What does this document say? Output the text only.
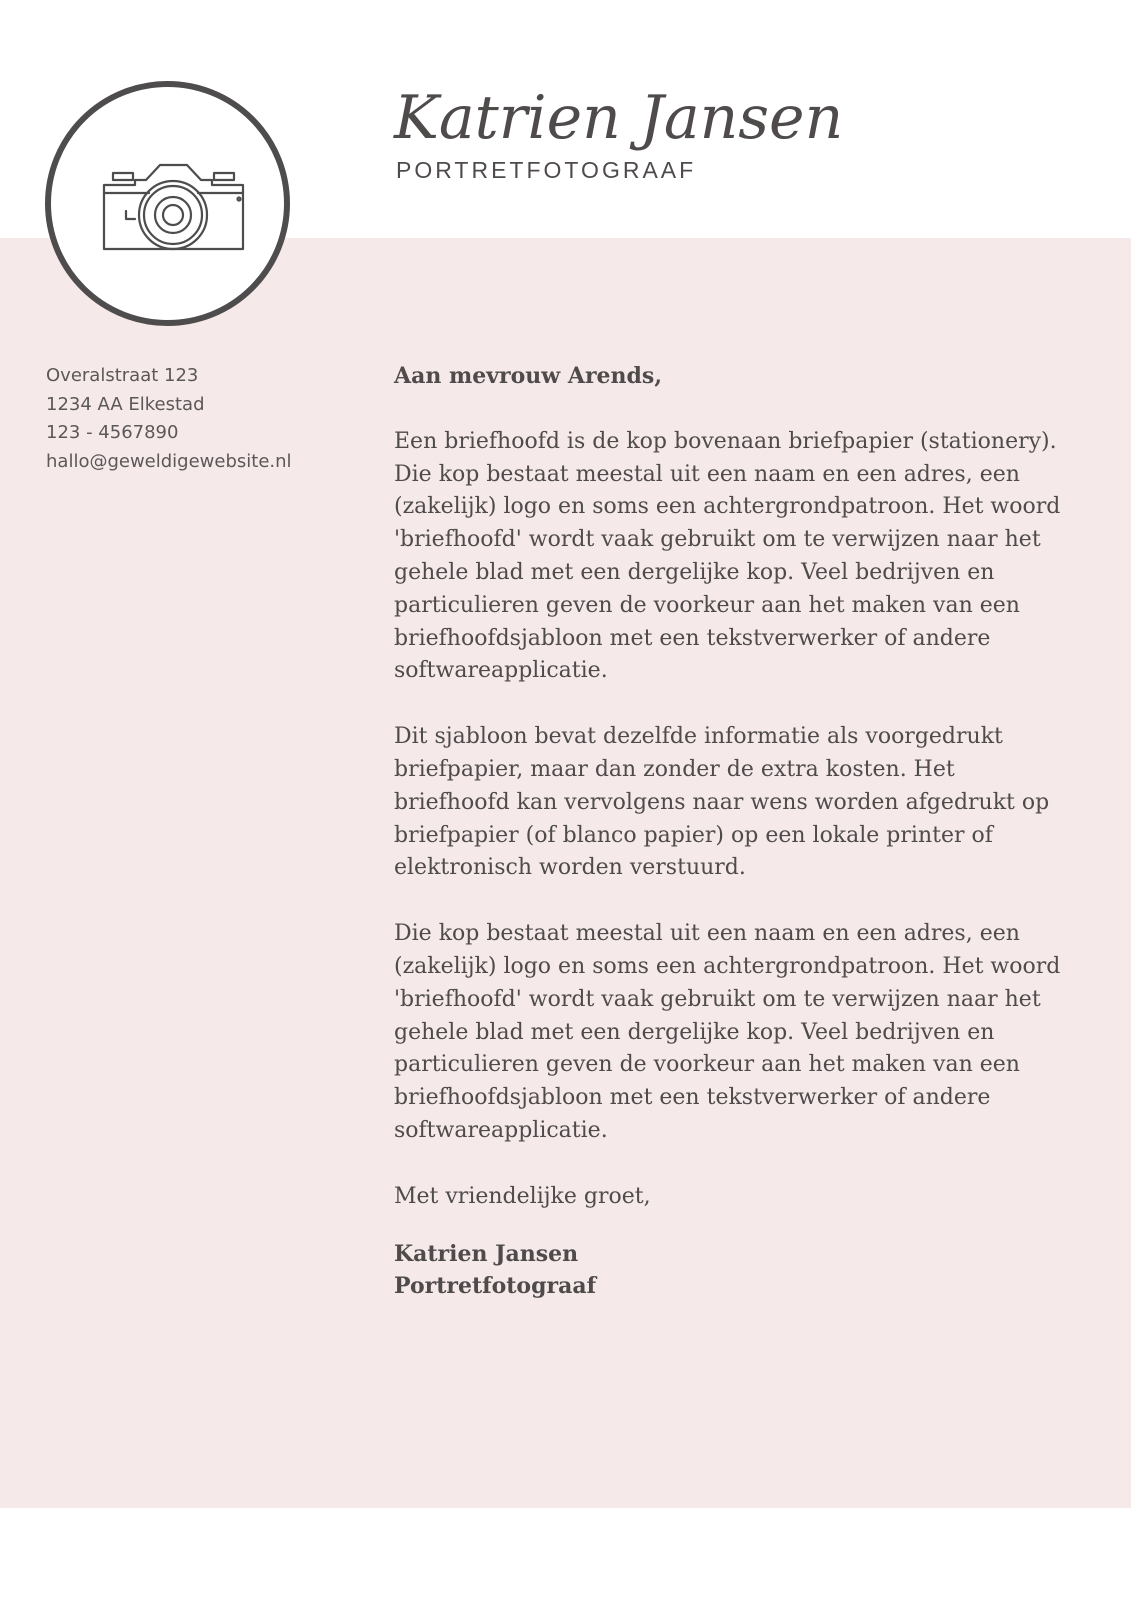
Katrien Jansen
PORTRETFOTOGRAAF
Overalstraat 123
1234 AA Elkestad
123 - 4567890
hallo@geweldigewebsite.nl

Aan mevrouw Arends,

Een briefhoofd is de kop bovenaan briefpapier (stationery). Die kop bestaat meestal uit een naam en een adres, een (zakelijk) logo en soms een achtergrondpatroon. Het woord 'briefhoofd' wordt vaak gebruikt om te verwijzen naar het gehele blad met een dergelijke kop. Veel bedrijven en particulieren geven de voorkeur aan het maken van een briefhoofdsjabloon met een tekstverwerker of andere softwareapplicatie.

Dit sjabloon bevat dezelfde informatie als voorgedrukt briefpapier, maar dan zonder de extra kosten. Het briefhoofd kan vervolgens naar wens worden afgedrukt op briefpapier (of blanco papier) op een lokale printer of elektronisch worden verstuurd.

Die kop bestaat meestal uit een naam en een adres, een (zakelijk) logo en soms een achtergrondpatroon. Het woord 'briefhoofd' wordt vaak gebruikt om te verwijzen naar het gehele blad met een dergelijke kop. Veel bedrijven en particulieren geven de voorkeur aan het maken van een briefhoofdsjabloon met een tekstverwerker of andere softwareapplicatie.

Met vriendelijke groet,

Katrien Jansen

Portretfotograaf
